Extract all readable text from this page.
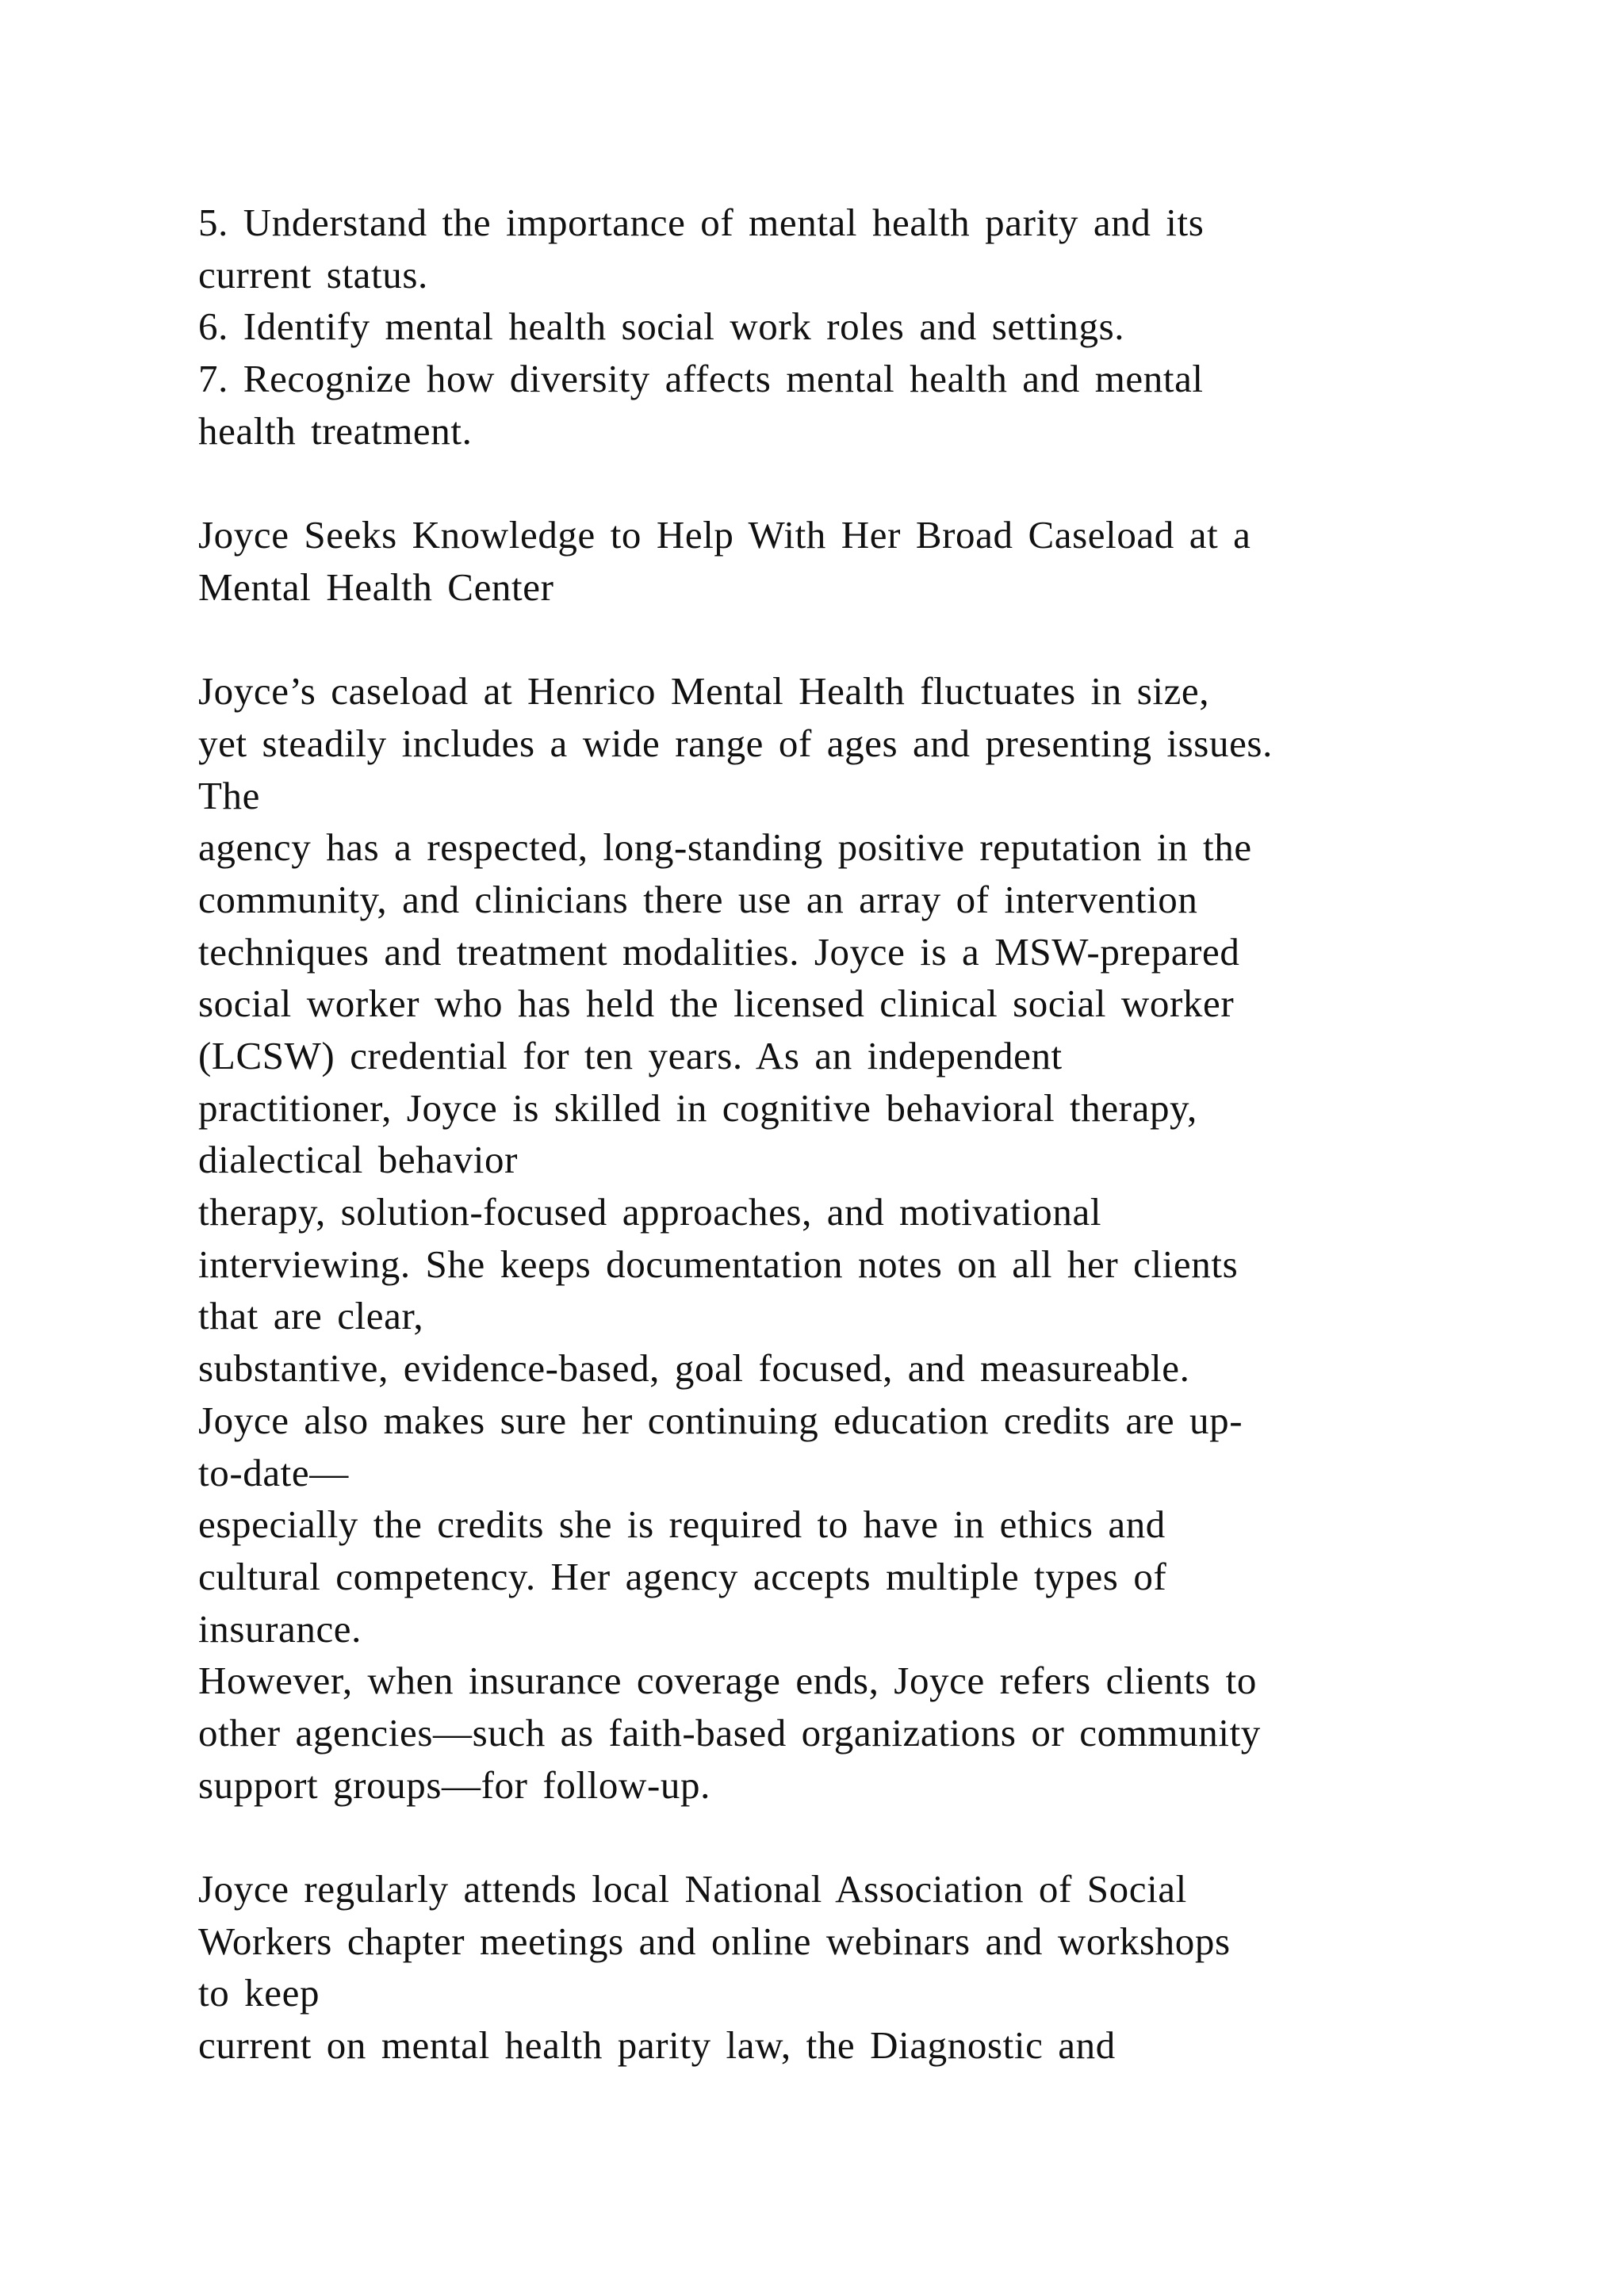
5. Understand the importance of mental health parity and its
current status.
6. Identify mental health social work roles and settings.
7. Recognize how diversity affects mental health and mental
health treatment.
Joyce Seeks Knowledge to Help With Her Broad Caseload at a
Mental Health Center
Joyce’s caseload at Henrico Mental Health fluctuates in size,
yet steadily includes a wide range of ages and presenting issues.
The
agency has a respected, long-standing positive reputation in the
community, and clinicians there use an array of intervention
techniques and treatment modalities. Joyce is a MSW-prepared
social worker who has held the licensed clinical social worker
(LCSW) credential for ten years. As an independent
practitioner, Joyce is skilled in cognitive behavioral therapy,
dialectical behavior
therapy, solution-focused approaches, and motivational
interviewing. She keeps documentation notes on all her clients
that are clear,
substantive, evidence-based, goal focused, and measureable.
Joyce also makes sure her continuing education credits are up-
to-date—
especially the credits she is required to have in ethics and
cultural competency. Her agency accepts multiple types of
insurance.
However, when insurance coverage ends, Joyce refers clients to
other agencies—such as faith-based organizations or community
support groups—for follow-up.
Joyce regularly attends local National Association of Social
Workers chapter meetings and online webinars and workshops
to keep
current on mental health parity law, the Diagnostic and
